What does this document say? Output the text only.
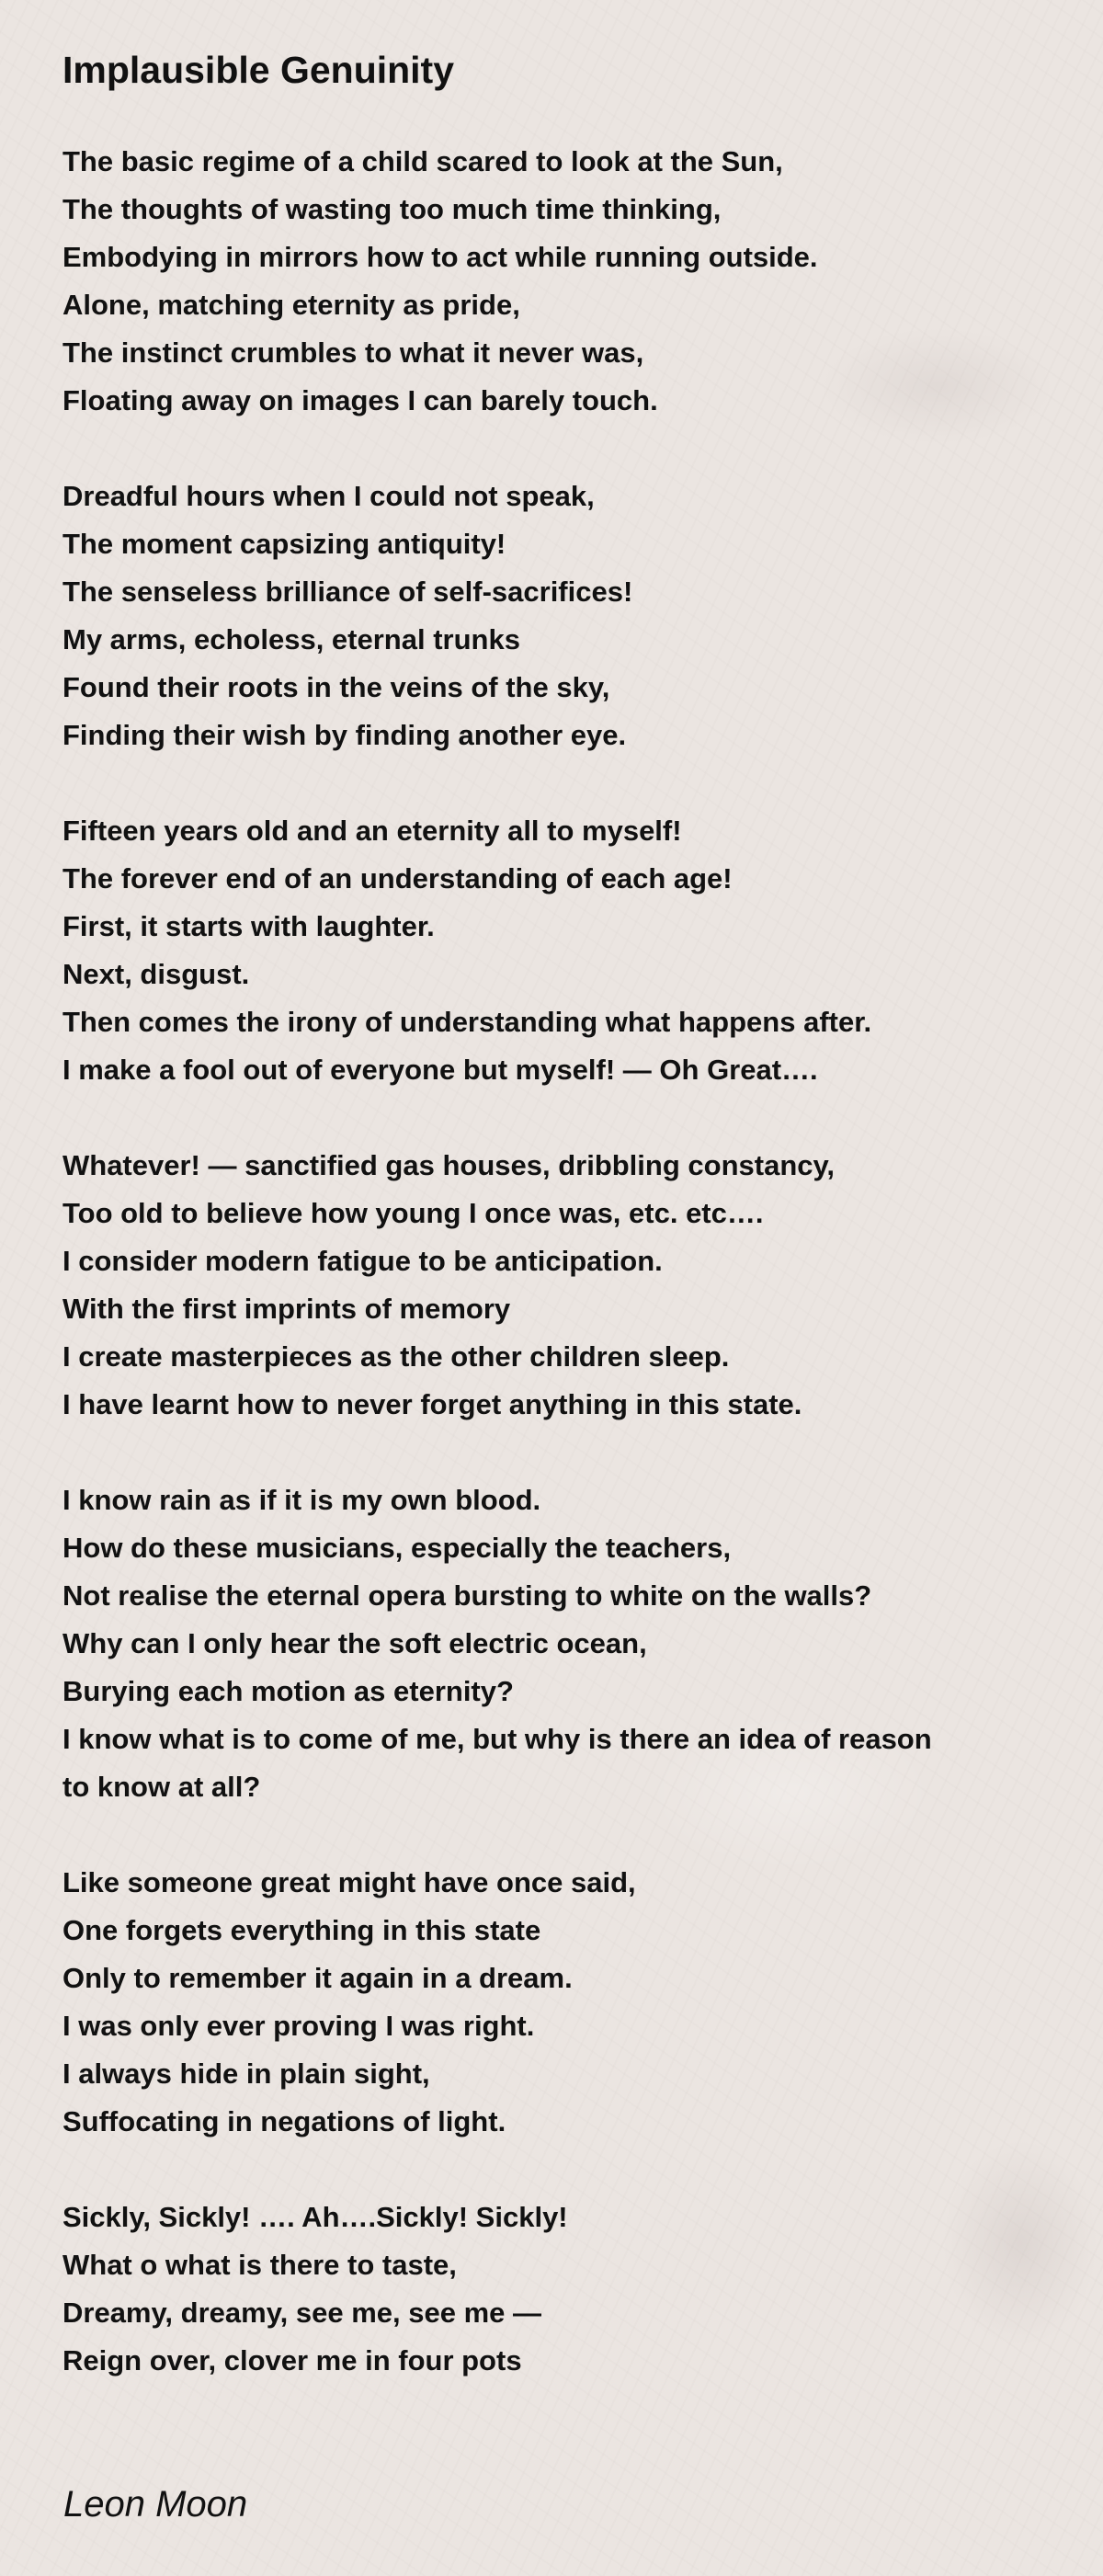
Implausible Genuinity
The basic regime of a child scared to look at the Sun,
The thoughts of wasting too much time thinking,
Embodying in mirrors how to act while running outside.
Alone, matching eternity as pride,
The instinct crumbles to what it never was,
Floating away on images I can barely touch.
Dreadful hours when I could not speak,
The moment capsizing antiquity!
The senseless brilliance of self-sacrifices!
My arms, echoless, eternal trunks
Found their roots in the veins of the sky,
Finding their wish by finding another eye.
Fifteen years old and an eternity all to myself!
The forever end of an understanding of each age!
First, it starts with laughter.
Next, disgust.
Then comes the irony of understanding what happens after.
I make a fool out of everyone but myself! — Oh Great….
Whatever! — sanctified gas houses, dribbling constancy,
Too old to believe how young I once was, etc. etc….
I consider modern fatigue to be anticipation.
With the first imprints of memory
I create masterpieces as the other children sleep.
I have learnt how to never forget anything in this state.
I know rain as if it is my own blood.
How do these musicians, especially the teachers,
Not realise the eternal opera bursting to white on the walls?
Why can I only hear the soft electric ocean,
Burying each motion as eternity?
I know what is to come of me, but why is there an idea of reason
to know at all?
Like someone great might have once said,
One forgets everything in this state
Only to remember it again in a dream.
I was only ever proving I was right.
I always hide in plain sight,
Suffocating in negations of light.
Sickly, Sickly! …. Ah….Sickly! Sickly!
What o what is there to taste,
Dreamy, dreamy, see me, see me —
Reign over, clover me in four pots

Leon Moon
